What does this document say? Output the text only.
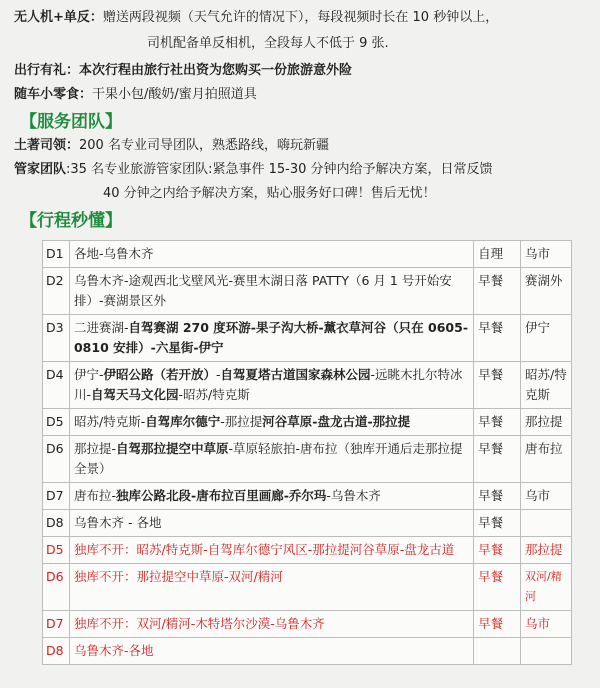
无人机+单反：赠送两段视频（天气允许的情况下），每段视频时长在 10 秒钟以上，
司机配备单反相机，全段每人不低于 9 张.
出行有礼：本次行程由旅行社出资为您购买一份旅游意外险
随车小零食：干果小包/酸奶/蜜月拍照道具
【服务团队】
土著司领：200 名专业司导团队，熟悉路线，嗨玩新疆
管家团队:35 名专业旅游管家团队:紧急事件 15-30 分钟内给予解决方案，日常反馈
40 分钟之内给予解决方案，贴心服务好口碑！售后无忧！
【行程秒懂】
D1	各地-乌鲁木齐	自理	乌市
D2	乌鲁木齐-途观西北戈壁风光-赛里木湖日落 PATTY（6 月 1 号开始安排）-赛湖景区外	早餐	赛湖外
D3	二进赛湖-自驾赛湖 270 度环游-果子沟大桥-薰衣草河谷（只在 0605-0810 安排）-六星街-伊宁	早餐	伊宁
D4	伊宁-伊昭公路（若开放）-自驾夏塔古道国家森林公园-远眺木扎尔特冰川-自驾天马文化园-昭苏/特克斯	早餐	昭苏/特克斯
D5	昭苏/特克斯-自驾库尔德宁-那拉提河谷草原-盘龙古道-那拉提	早餐	那拉提
D6	那拉提-自驾那拉提空中草原-草原轻旅拍-唐布拉（独库开通后走那拉提全景）	早餐	唐布拉
D7	唐布拉-独库公路北段-唐布拉百里画廊-乔尔玛-乌鲁木齐	早餐	乌市
D8	乌鲁木齐 - 各地	早餐	
D5	独库不开：昭苏/特克斯-自驾库尔德宁风区-那拉提河谷草原-盘龙古道	早餐	那拉提
D6	独库不开：那拉提空中草原-双河/精河	早餐	双河/精河
D7	独库不开：双河/精河-木特塔尔沙漠-乌鲁木齐	早餐	乌市
D8	乌鲁木齐-各地		
